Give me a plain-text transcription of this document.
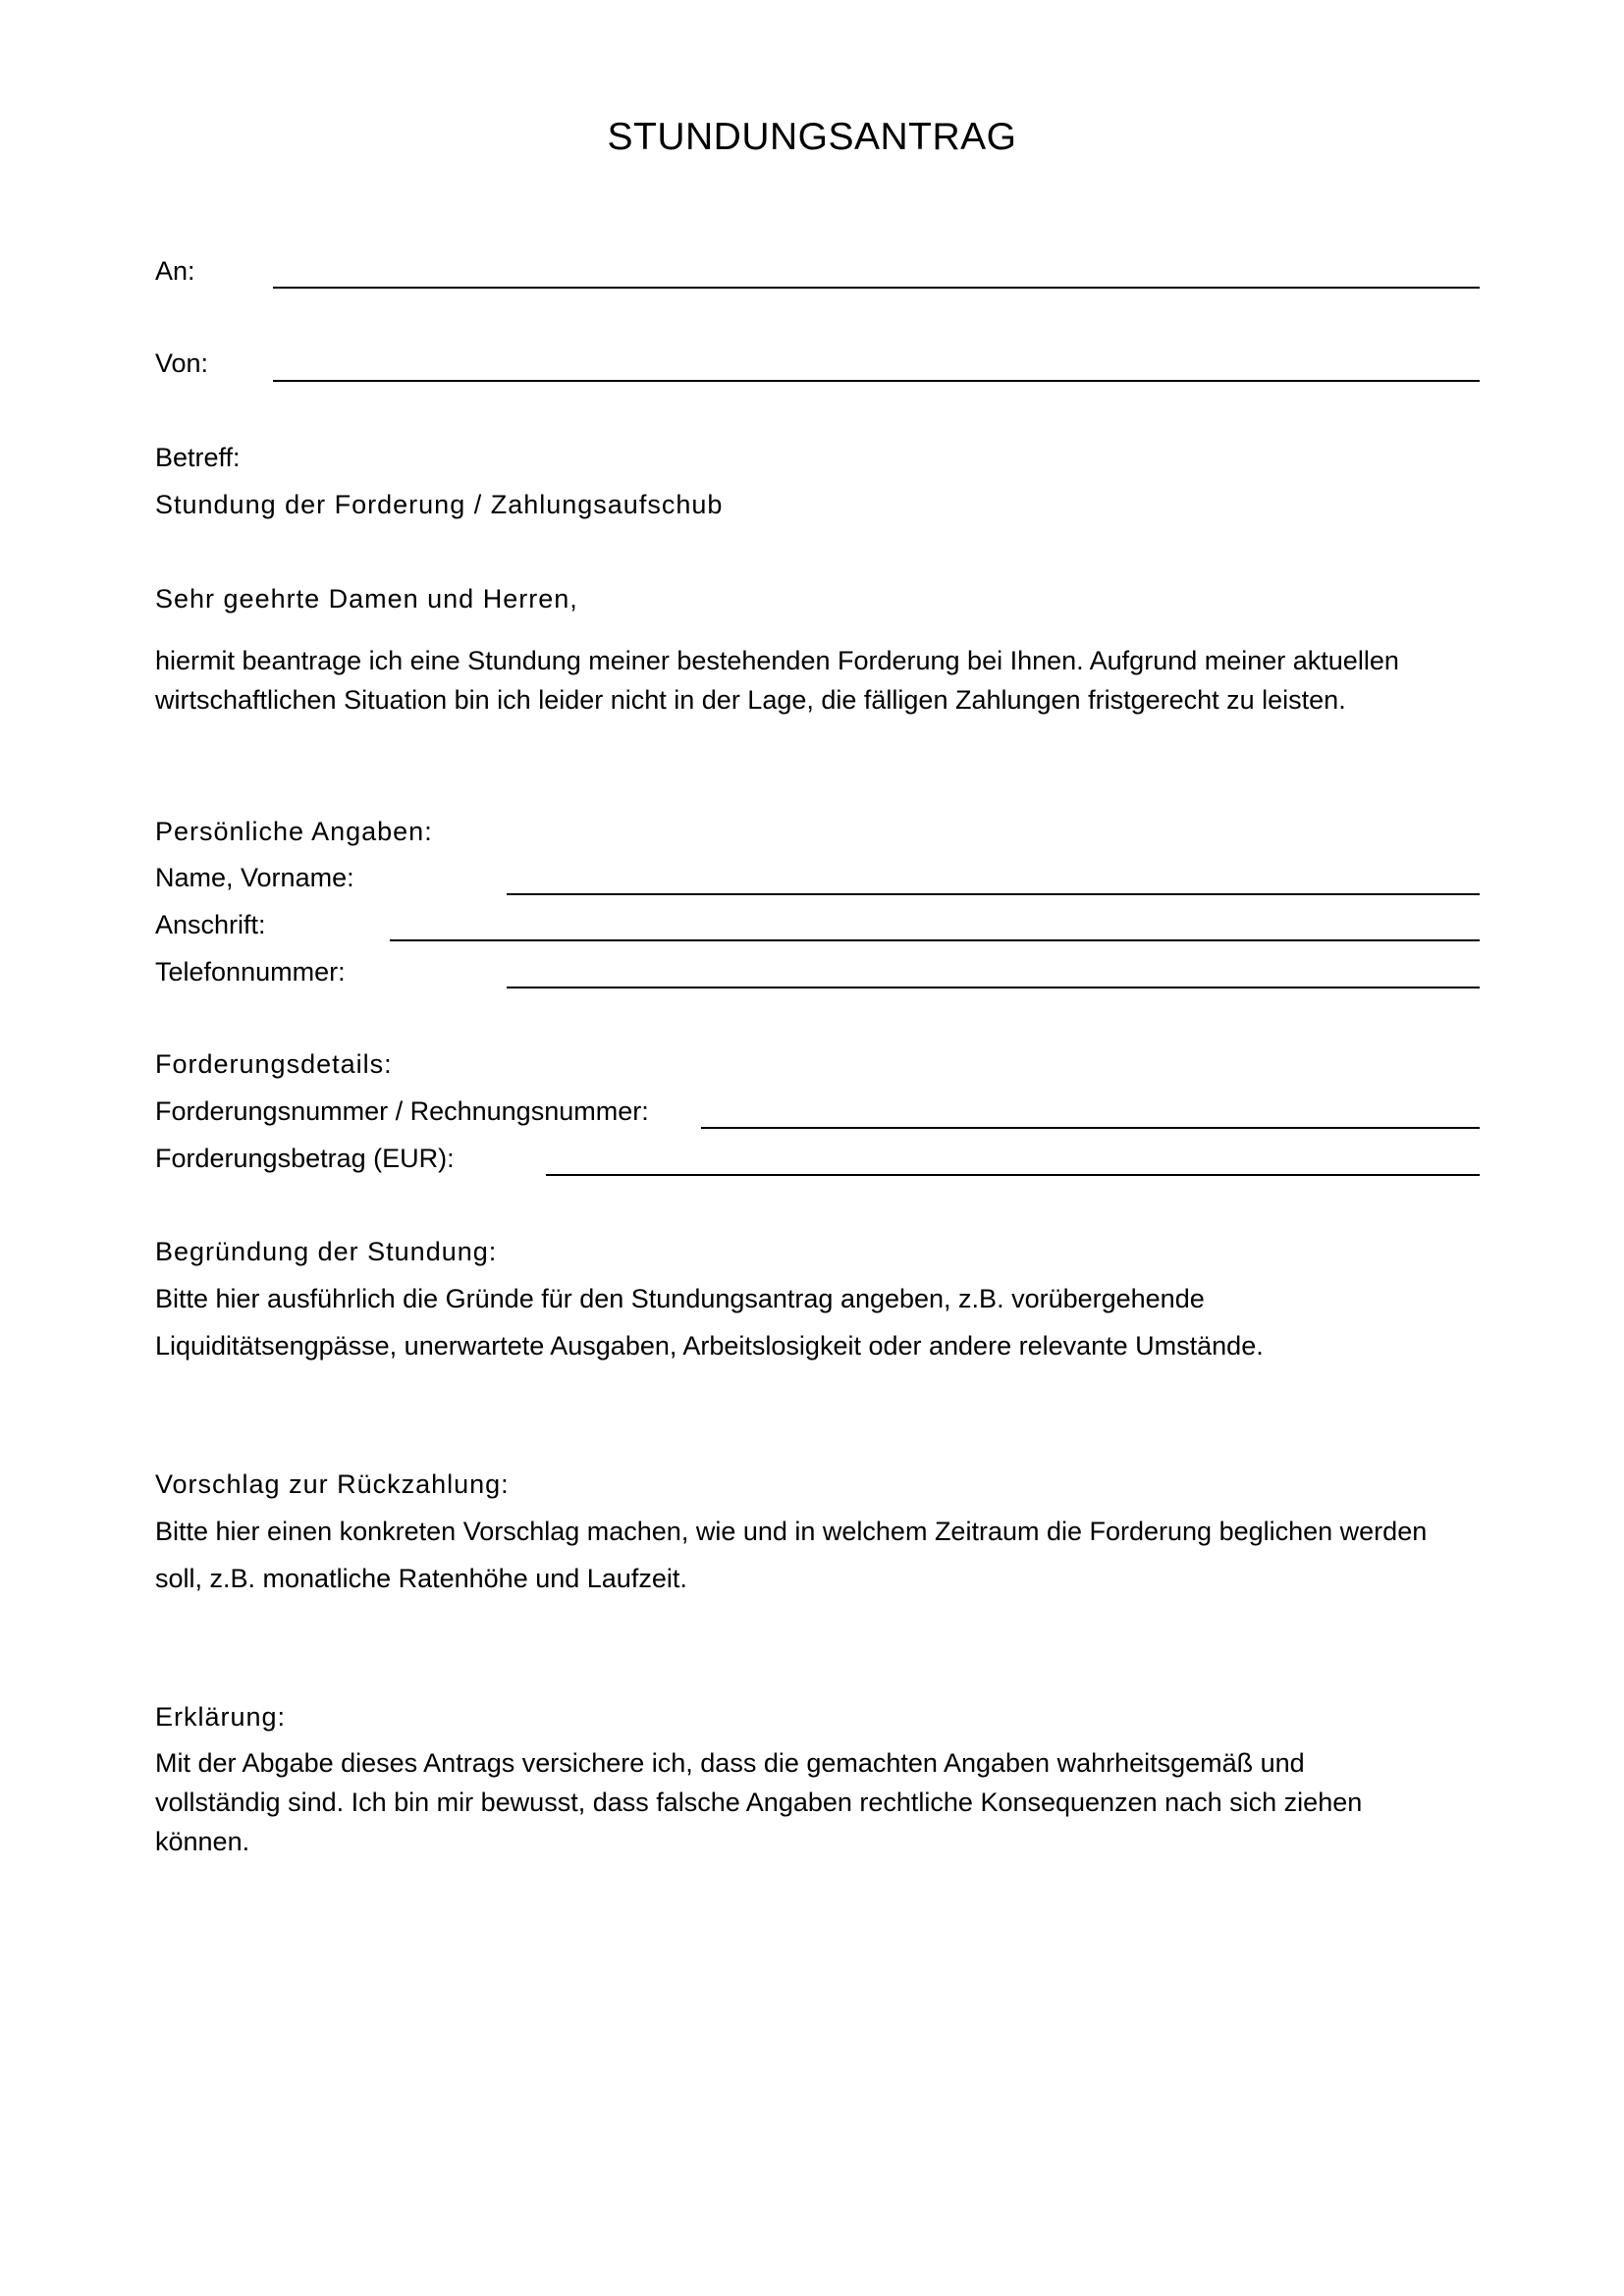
STUNDUNGSANTRAG
An:
Von:
Betreff:
Stundung der Forderung / Zahlungsaufschub
Sehr geehrte Damen und Herren,
hiermit beantrage ich eine Stundung meiner bestehenden Forderung bei Ihnen. Aufgrund meiner aktuellen
wirtschaftlichen Situation bin ich leider nicht in der Lage, die fälligen Zahlungen fristgerecht zu leisten.
Persönliche Angaben:
Name, Vorname:
Anschrift:
Telefonnummer:
Forderungsdetails:
Forderungsnummer / Rechnungsnummer:
Forderungsbetrag (EUR):
Begründung der Stundung:
Bitte hier ausführlich die Gründe für den Stundungsantrag angeben, z.B. vorübergehende
Liquiditätsengpässe, unerwartete Ausgaben, Arbeitslosigkeit oder andere relevante Umstände.
Vorschlag zur Rückzahlung:
Bitte hier einen konkreten Vorschlag machen, wie und in welchem Zeitraum die Forderung beglichen werden
soll, z.B. monatliche Ratenhöhe und Laufzeit.
Erklärung:
Mit der Abgabe dieses Antrags versichere ich, dass die gemachten Angaben wahrheitsgemäß und
vollständig sind. Ich bin mir bewusst, dass falsche Angaben rechtliche Konsequenzen nach sich ziehen
können.
